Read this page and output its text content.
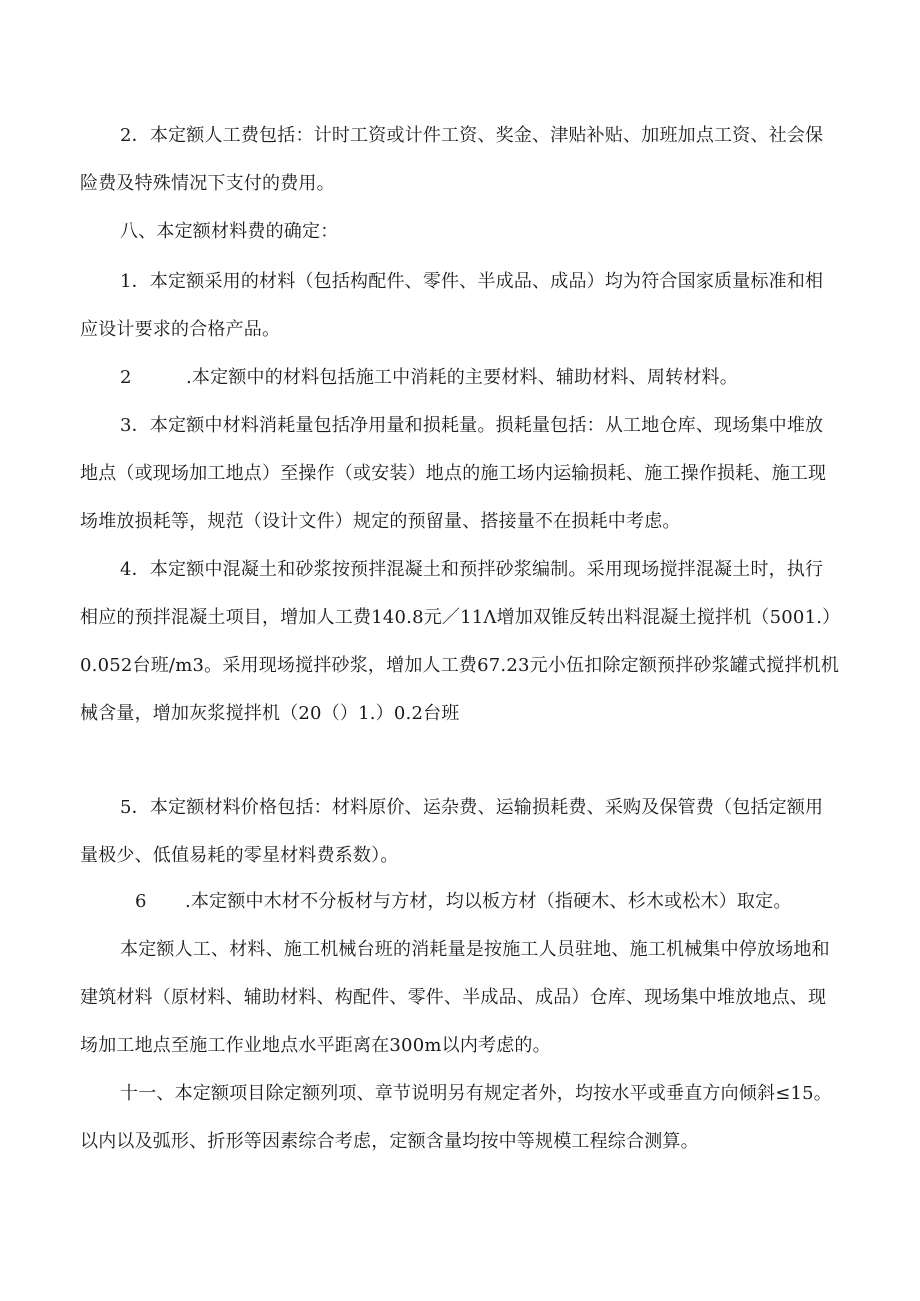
2．本定额人工费包括：计时工资或计件工资、奖金、津贴补贴、加班加点工资、社会保
险费及特殊情况下支付的费用。
八、本定额材料费的确定：
1．本定额采用的材料（包括构配件、零件、半成品、成品）均为符合国家质量标准和相
应设计要求的合格产品。
2	.本定额中的材料包括施工中消耗的主要材料、辅助材料、周转材料。
3．本定额中材料消耗量包括净用量和损耗量。损耗量包括：从工地仓库、现场集中堆放
地点（或现场加工地点）至操作（或安装）地点的施工场内运输损耗、施工操作损耗、施工现
场堆放损耗等，规范（设计文件）规定的预留量、搭接量不在损耗中考虑。
4．本定额中混凝土和砂浆按预拌混凝土和预拌砂浆编制。采用现场搅拌混凝土时，执行
相应的预拌混凝土项目，增加人工费140.8元／11Λ增加双锥反转出料混凝土搅拌机（5001.）
0.052台班/m3。采用现场搅拌砂浆，增加人工费67.23元小伍扣除定额预拌砂浆罐式搅拌机机
械含量，增加灰浆搅拌机（20（）1.）0.2台班
5．本定额材料价格包括：材料原价、运杂费、运输损耗费、采购及保管费（包括定额用
量极少、低值易耗的零星材料费系数）。
6 .本定额中木材不分板材与方材，均以板方材（指硬木、杉木或松木）取定。
本定额人工、材料、施工机械台班的消耗量是按施工人员驻地、施工机械集中停放场地和
建筑材料（原材料、辅助材料、构配件、零件、半成品、成品）仓库、现场集中堆放地点、现
场加工地点至施工作业地点水平距离在300m以内考虑的。
十一、本定额项目除定额列项、章节说明另有规定者外，均按水平或垂直方向倾斜≤15。
以内以及弧形、折形等因素综合考虑，定额含量均按中等规模工程综合测算。
